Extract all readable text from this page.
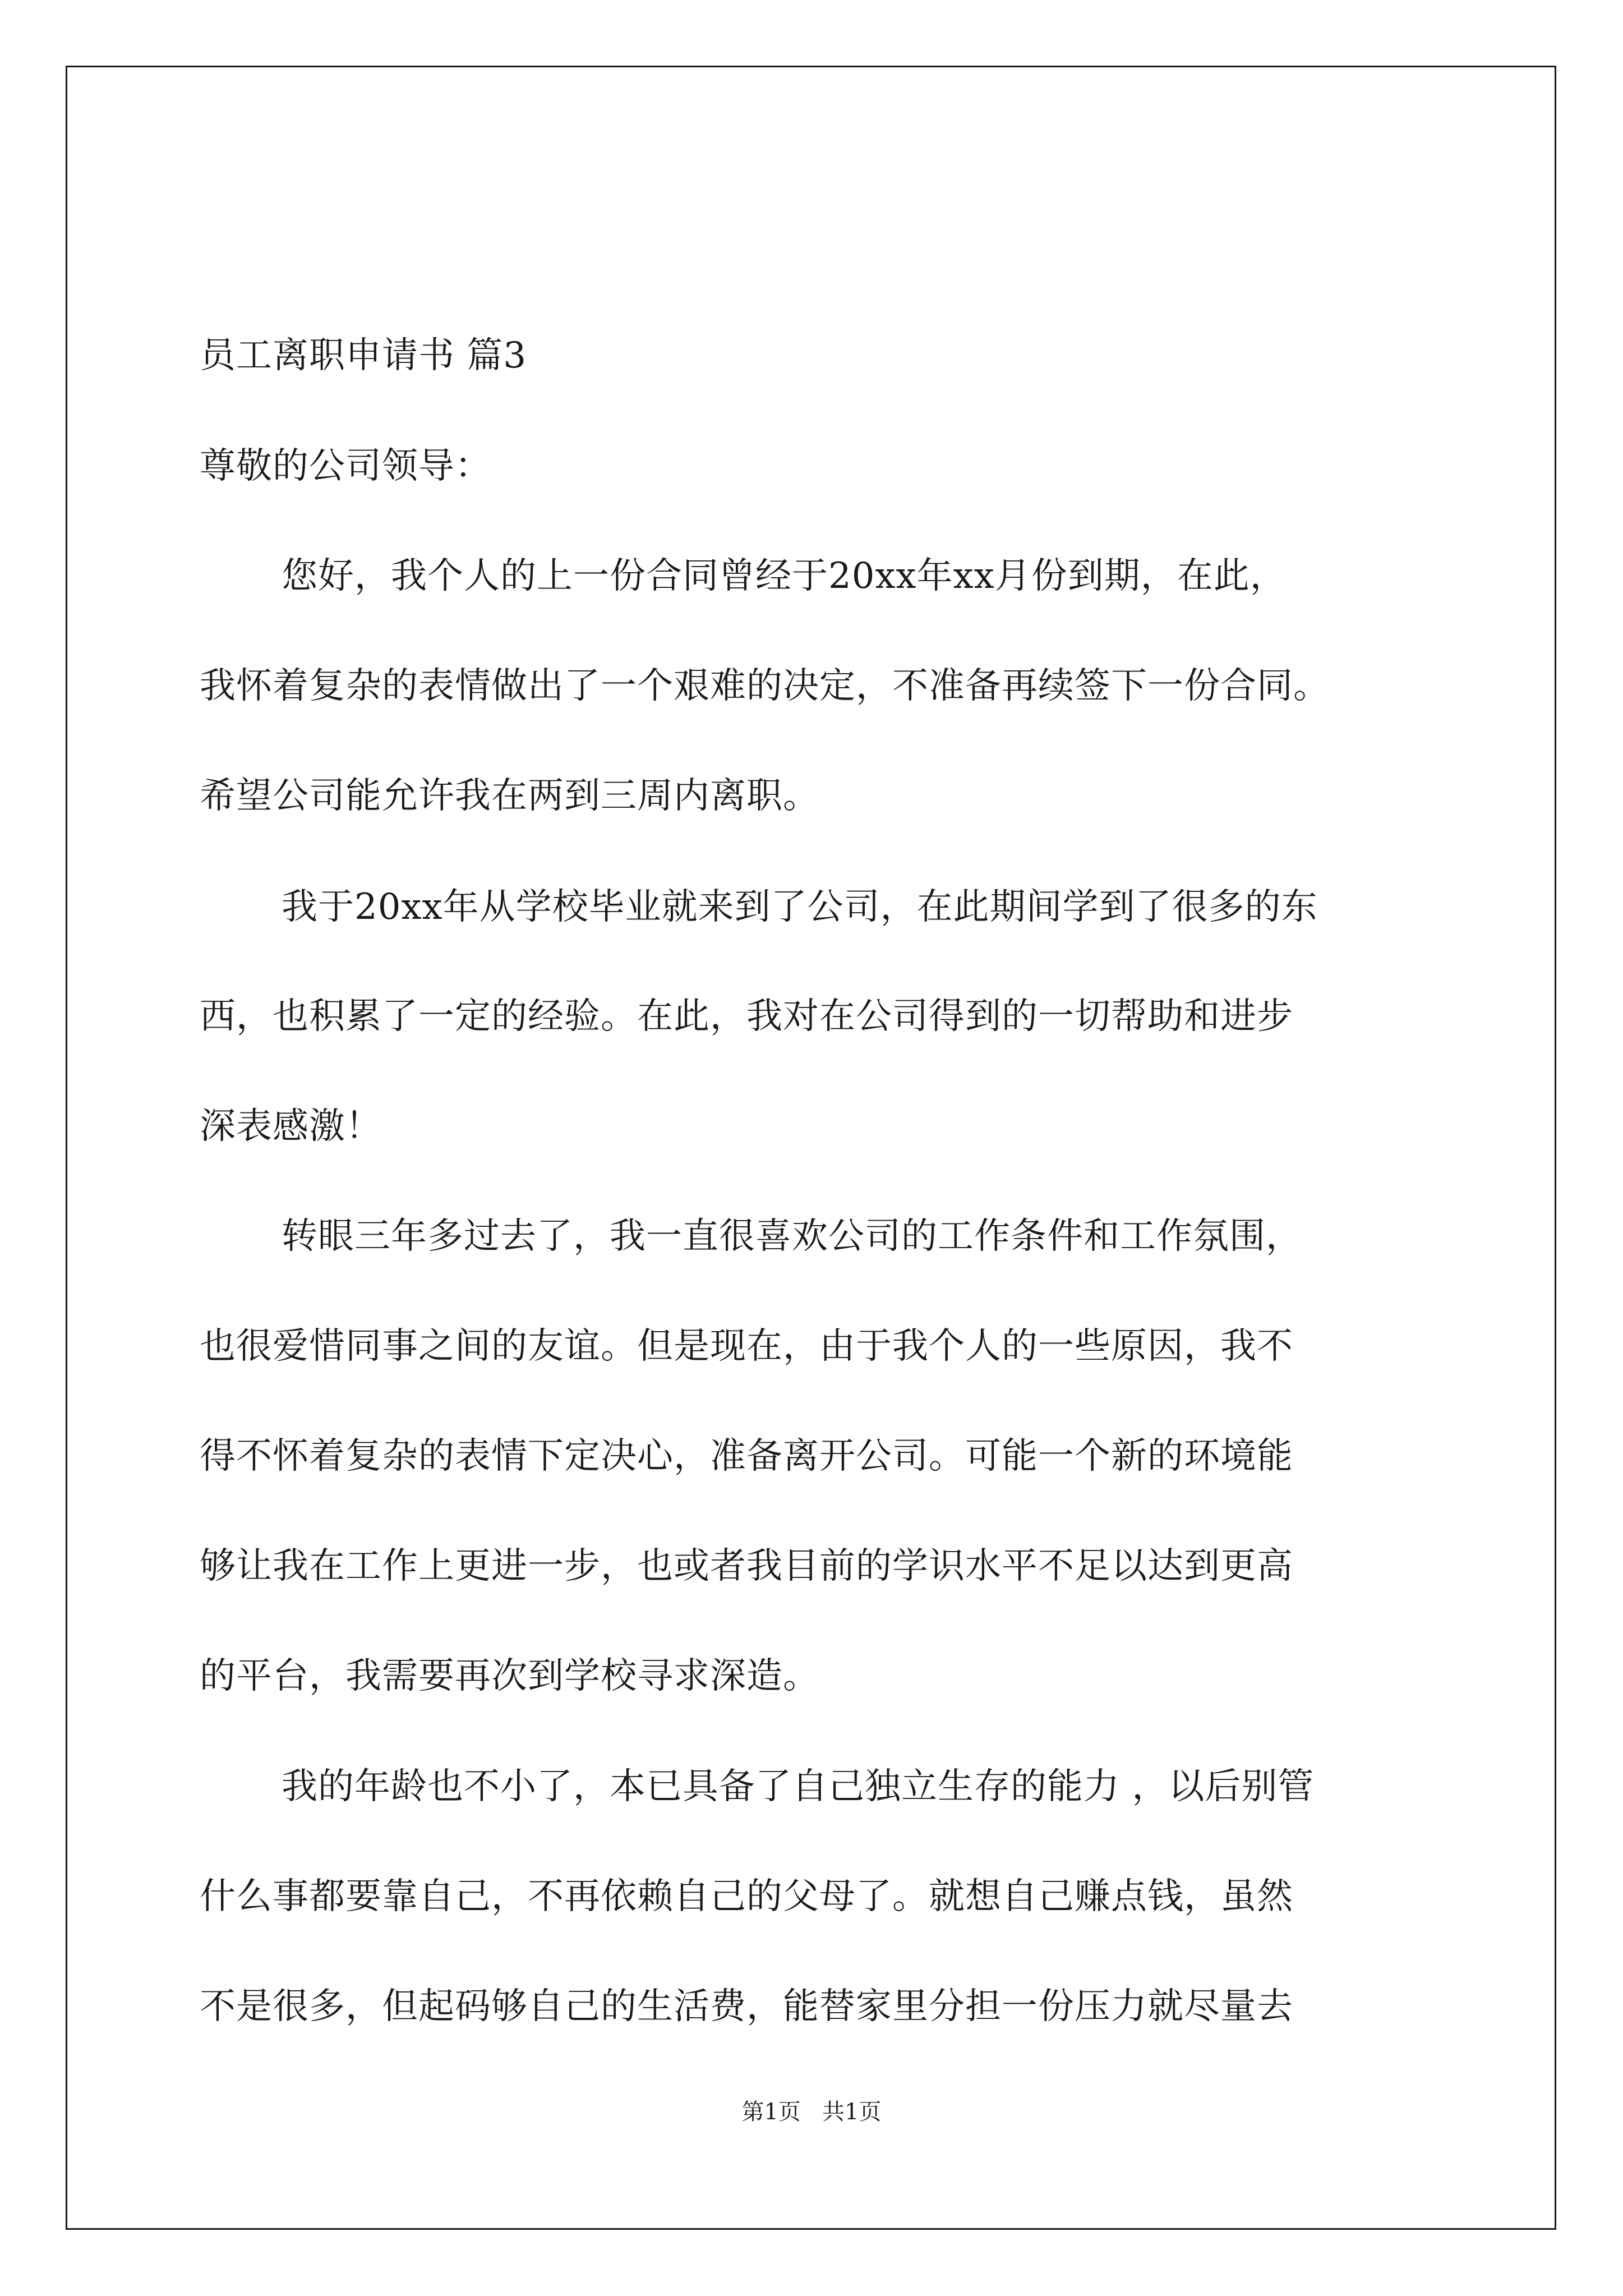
员工离职申请书 篇3
尊敬的公司领导：
您好，我个人的上一份合同曾经于20xx年xx月份到期，在此，
我怀着复杂的表情做出了一个艰难的决定，不准备再续签下一份合同。
希望公司能允许我在两到三周内离职。
我于20xx年从学校毕业就来到了公司，在此期间学到了很多的东
西，也积累了一定的经验。在此，我对在公司得到的一切帮助和进步
深表感激！
转眼三年多过去了，我一直很喜欢公司的工作条件和工作氛围，
也很爱惜同事之间的友谊。但是现在，由于我个人的一些原因，我不
得不怀着复杂的表情下定决心，准备离开公司。可能一个新的环境能
够让我在工作上更进一步，也或者我目前的学识水平不足以达到更高
的平台，我需要再次到学校寻求深造。
我的年龄也不小了，本已具备了自己独立生存的能力 ，以后别管
什么事都要靠自己，不再依赖自己的父母了。就想自己赚点钱，虽然
不是很多，但起码够自己的生活费，能替家里分担一份压力就尽量去
第1页   共1页
